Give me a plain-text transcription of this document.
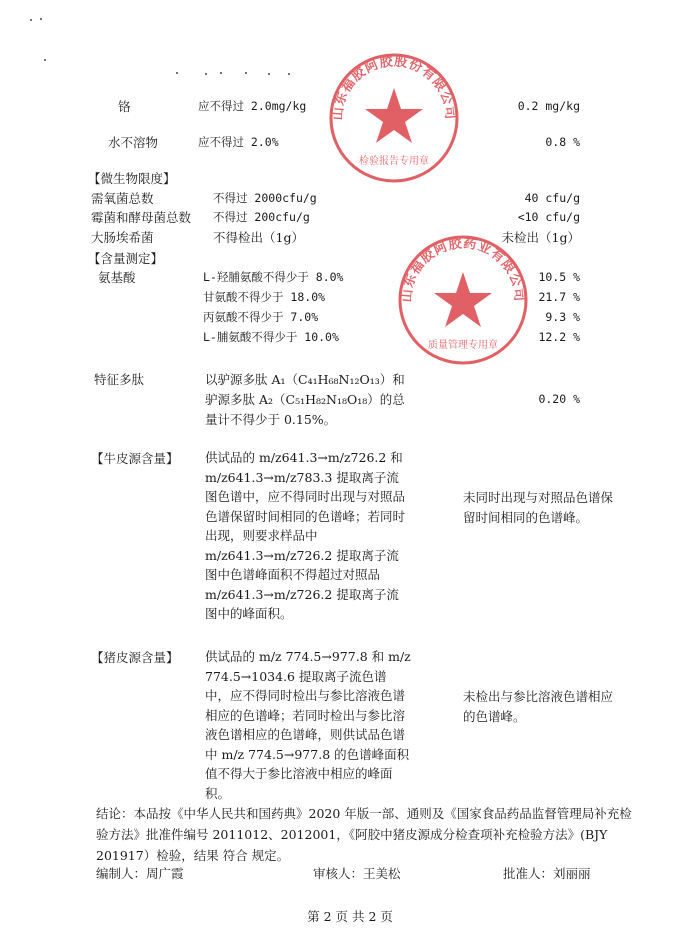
铬	应不得过 2.0mg/kg	0.2 mg/kg
水不溶物	应不得过 2.0%	0.8 %
【微生物限度】
需氧菌总数	不得过 2000cfu/g	40 cfu/g
霉菌和酵母菌总数 不得过 200cfu/g	<10 cfu/g
大肠埃希菌	不得检出（1g）	未检出（1g）
【含量测定】
氨基酸	L-羟脯氨酸不得少于 8.0%	10.5 %
甘氨酸不得少于 18.0%	21.7 %
丙氨酸不得少于 7.0%	9.3 %
L-脯氨酸不得少于 10.0%	12.2 %
特征多肽	以驴源多肽 A₁（C₄₁H₆₈N₁₂O₁₃）和
驴源多肽 A₂（C₅₁H₈₂N₁₈O₁₈）的总
量计不得少于 0.15%。
0.20 %
【牛皮源含量】 供试品的 m/z641.3→m/z726.2 和 m/z641.3→m/z783.3 提取离子流图色谱中，应不得同时出现与对照品色谱保留时间相同的色谱峰；若同时出现，则要求样品中 m/z641.3→m/z726.2 提取离子流图中色谱峰面积不得超过对照品 m/z641.3→m/z726.2 提取离子流图中的峰面积。
未同时出现与对照品色谱保留时间相同的色谱峰。
【猪皮源含量】 供试品的 m/z 774.5→977.8 和 m/z 774.5→1034.6 提取离子流色谱中，应不得同时检出与参比溶液色谱相应的色谱峰；若同时检出与参比溶液色谱相应的色谱峰，则供试品色谱中 m/z 774.5→977.8 的色谱峰面积值不得大于参比溶液中相应的峰面积。
未检出与参比溶液色谱相应的色谱峰。
结论：本品按《中华人民共和国药典》2020 年版一部、通则及《国家食品药品监督管理局补充检验方法》批准件编号 2011012、2012001，《阿胶中猪皮源成分检查项补充检验方法》(BJY 201917）检验，结果 符合 规定。
编制人：周广霞	审核人：王美松	批准人：刘丽丽
第 2 页 共 2 页
山东福胶阿胶股份有限公司
检验报告专用章
山东福胶阿胶药业有限公司
质量管理专用章
